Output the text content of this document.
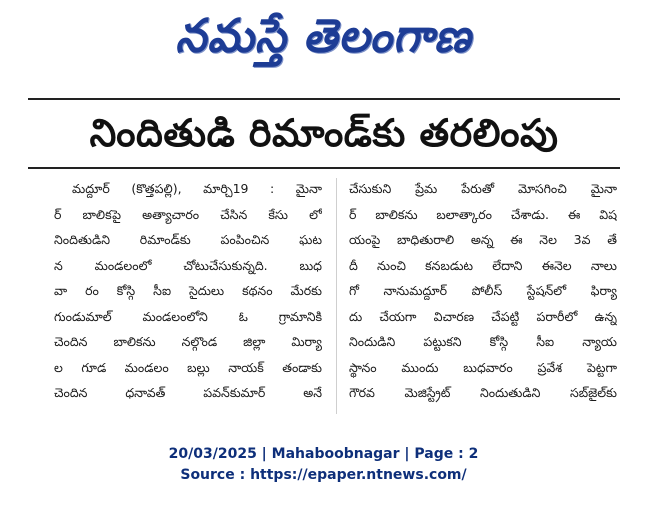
నమస్తే తెలంగాణ
నిందితుడి రిమాండ్‌కు తరలింపు
మద్దూర్ (కొత్తపల్లి), మార్చి19 : మైనా
ర్ బాలికపై అత్యాచారం చేసిన కేసు లో
నిందితుడిని రిమాండ్‌కు పంపించిన ఘట
న మండలంలో చోటుచేసుకున్నది. బుధ
వా రం కోస్గి సీఐ సైదులు కథనం మేరకు
గుండుమాల్ మండలంలోని ఓ గ్రామానికి
చెందిన బాలికను నల్గొండ జిల్లా మిర్యా
ల గూడ మండలం బల్లు నాయక్ తండాకు
చెందిన ధనావత్ పవన్‌కుమార్ అనే
చేసుకుని ప్రేమ పేరుతో మోసగించి మైనా
ర్ బాలికను బలాత్కారం చేశాడు. ఈ విష
యంపై బాధితురాలి అన్న ఈ నెల 3వ తే
దీ నుంచి కనబడుట లేదాని ఈనెల నాలు
గో నానుమద్దూర్ పోలీస్ స్టేషన్‌లో ఫిర్యా
దు చేయగా విచారణ చేపట్టి పరారీలో ఉన్న
నిందుడిని పట్టుకని కోస్గి సీఐ న్యాయ
స్థానం ముందు బుధవారం ప్రవేశ పెట్టగా
గౌరవ మెజిస్ట్రేట్ నిందుతుడిని సబ్‌జైల్‌కు
20/03/2025 | Mahaboobnagar | Page : 2
Source : https://epaper.ntnews.com/
